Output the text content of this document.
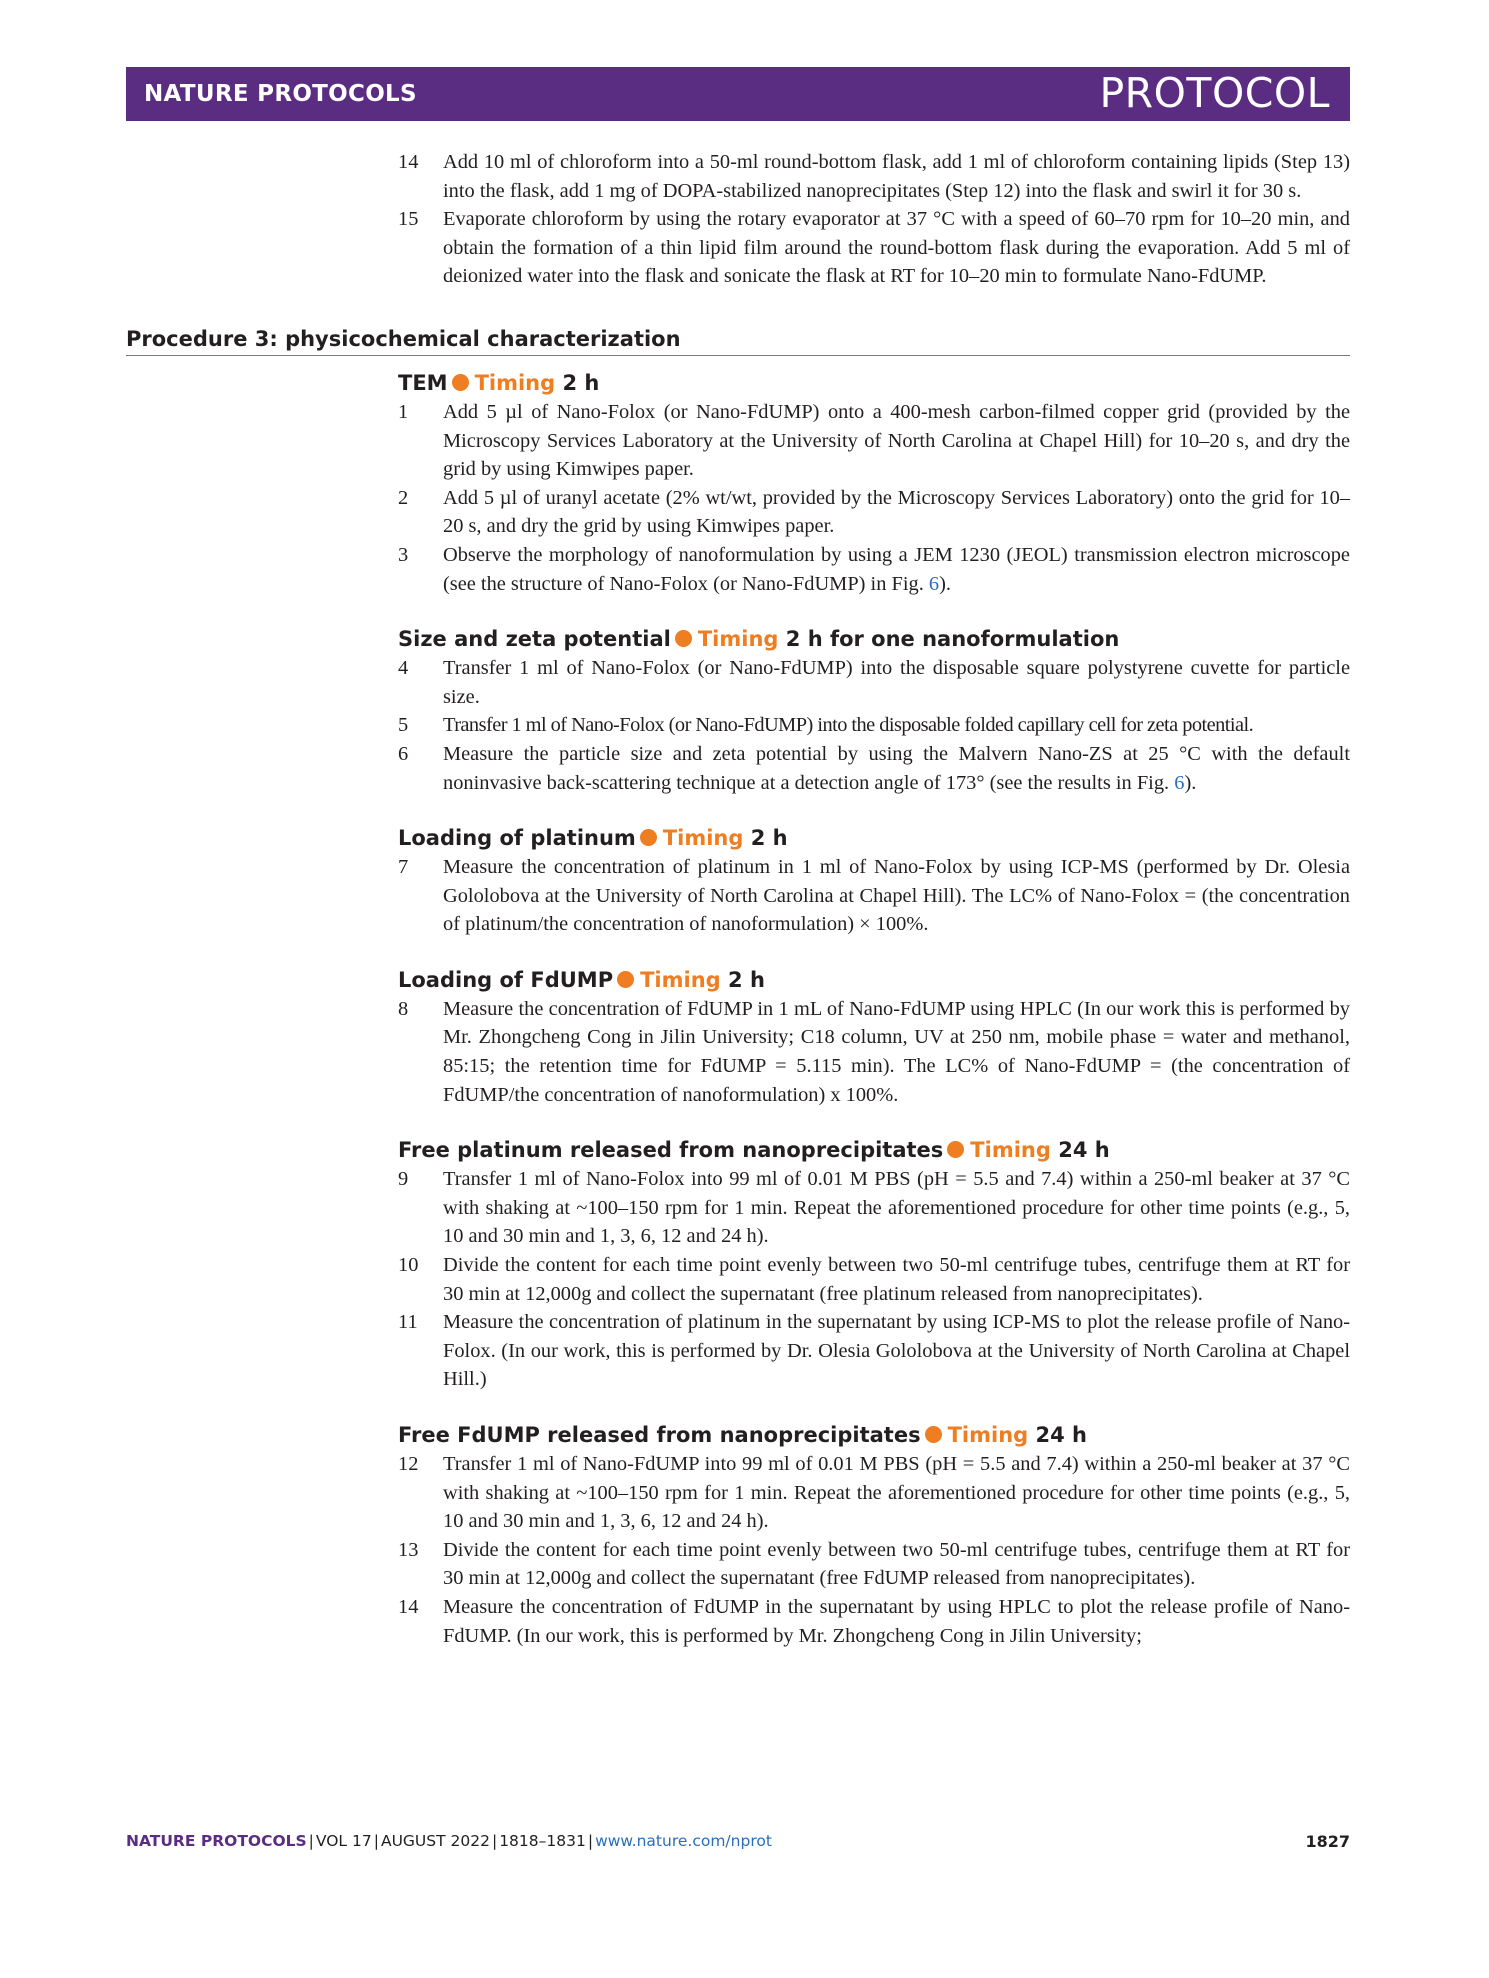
NATURE PROTOCOLS	PROTOCOL
14	Add 10 ml of chloroform into a 50-ml round-bottom flask, add 1 ml of chloroform containing lipids (Step 13) into the flask, add 1 mg of DOPA-stabilized nanoprecipitates (Step 12) into the flask and swirl it for 30 s.
15	Evaporate chloroform by using the rotary evaporator at 37 °C with a speed of 60–70 rpm for 10–20 min, and obtain the formation of a thin lipid film around the round-bottom flask during the evaporation. Add 5 ml of deionized water into the flask and sonicate the flask at RT for 10–20 min to formulate Nano-FdUMP.
Procedure 3: physicochemical characterization
TEM Timing 2 h
1	Add 5 µl of Nano-Folox (or Nano-FdUMP) onto a 400-mesh carbon-filmed copper grid (provided by the Microscopy Services Laboratory at the University of North Carolina at Chapel Hill) for 10–20 s, and dry the grid by using Kimwipes paper.
2	Add 5 µl of uranyl acetate (2% wt/wt, provided by the Microscopy Services Laboratory) onto the grid for 10–20 s, and dry the grid by using Kimwipes paper.
3	Observe the morphology of nanoformulation by using a JEM 1230 (JEOL) transmission electron microscope (see the structure of Nano-Folox (or Nano-FdUMP) in Fig. 6).
Size and zeta potential Timing 2 h for one nanoformulation
4	Transfer 1 ml of Nano-Folox (or Nano-FdUMP) into the disposable square polystyrene cuvette for particle size.
5	Transfer 1 ml of Nano-Folox (or Nano-FdUMP) into the disposable folded capillary cell for zeta potential.
6	Measure the particle size and zeta potential by using the Malvern Nano-ZS at 25 °C with the default noninvasive back-scattering technique at a detection angle of 173° (see the results in Fig. 6).
Loading of platinum Timing 2 h
7	Measure the concentration of platinum in 1 ml of Nano-Folox by using ICP-MS (performed by Dr. Olesia Gololobova at the University of North Carolina at Chapel Hill). The LC% of Nano-Folox = (the concentration of platinum/the concentration of nanoformulation) × 100%.
Loading of FdUMP Timing 2 h
8	Measure the concentration of FdUMP in 1 mL of Nano-FdUMP using HPLC (In our work this is performed by Mr. Zhongcheng Cong in Jilin University; C18 column, UV at 250 nm, mobile phase = water and methanol, 85:15; the retention time for FdUMP = 5.115 min). The LC% of Nano-FdUMP = (the concentration of FdUMP/the concentration of nanoformulation) x 100%.
Free platinum released from nanoprecipitates Timing 24 h
9	Transfer 1 ml of Nano-Folox into 99 ml of 0.01 M PBS (pH = 5.5 and 7.4) within a 250-ml beaker at 37 °C with shaking at ~100–150 rpm for 1 min. Repeat the aforementioned procedure for other time points (e.g., 5, 10 and 30 min and 1, 3, 6, 12 and 24 h).
10	Divide the content for each time point evenly between two 50-ml centrifuge tubes, centrifuge them at RT for 30 min at 12,000g and collect the supernatant (free platinum released from nanoprecipitates).
11	Measure the concentration of platinum in the supernatant by using ICP-MS to plot the release profile of Nano-Folox. (In our work, this is performed by Dr. Olesia Gololobova at the University of North Carolina at Chapel Hill.)
Free FdUMP released from nanoprecipitates Timing 24 h
12	Transfer 1 ml of Nano-FdUMP into 99 ml of 0.01 M PBS (pH = 5.5 and 7.4) within a 250-ml beaker at 37 °C with shaking at ~100–150 rpm for 1 min. Repeat the aforementioned procedure for other time points (e.g., 5, 10 and 30 min and 1, 3, 6, 12 and 24 h).
13	Divide the content for each time point evenly between two 50-ml centrifuge tubes, centrifuge them at RT for 30 min at 12,000g and collect the supernatant (free FdUMP released from nanoprecipitates).
14	Measure the concentration of FdUMP in the supernatant by using HPLC to plot the release profile of Nano-FdUMP. (In our work, this is performed by Mr. Zhongcheng Cong in Jilin University;
NATURE PROTOCOLS | VOL 17 | AUGUST 2022 | 1818–1831 | www.nature.com/nprot	1827
